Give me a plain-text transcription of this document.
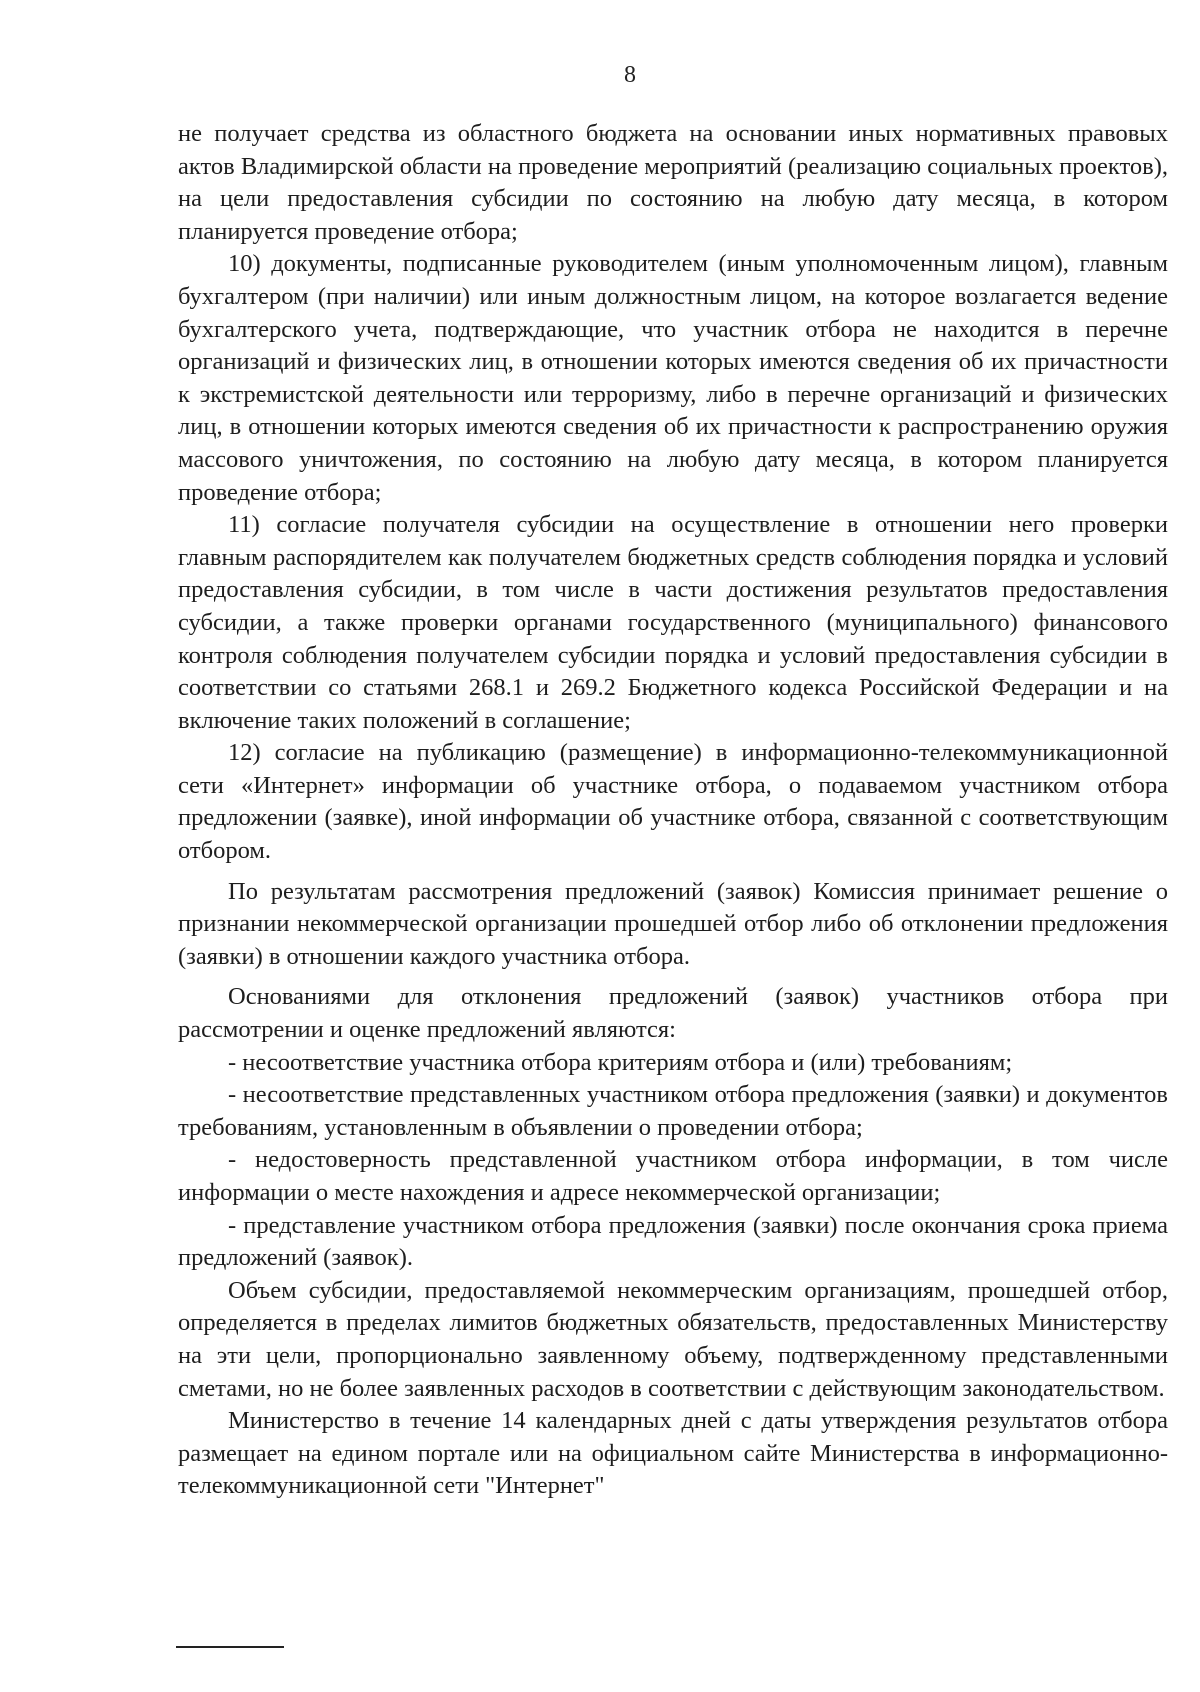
8

не получает средства из областного бюджета на основании иных нормативных правовых актов Владимирской области на проведение мероприятий (реализацию социальных проектов), на цели предоставления субсидии по состоянию на любую дату месяца, в котором планируется проведение отбора;

10) документы, подписанные руководителем (иным уполномоченным лицом), главным бухгалтером (при наличии) или иным должностным лицом, на которое возлагается ведение бухгалтерского учета, подтверждающие, что участник отбора не находится в перечне организаций и физических лиц, в отношении которых имеются сведения об их причастности к экстремистской деятельности или терроризму, либо в перечне организаций и физических лиц, в отношении которых имеются сведения об их причастности к распространению оружия массового уничтожения, по состоянию на любую дату месяца, в котором планируется проведение отбора;

11) согласие получателя субсидии на осуществление в отношении него проверки главным распорядителем как получателем бюджетных средств соблюдения порядка и условий предоставления субсидии, в том числе в части достижения результатов предоставления субсидии, а также проверки органами государственного (муниципального) финансового контроля соблюдения получателем субсидии порядка и условий предоставления субсидии в соответствии со статьями 268.1 и 269.2 Бюджетного кодекса Российской Федерации и на включение таких положений в соглашение;

12) согласие на публикацию (размещение) в информационно-телекоммуникационной сети «Интернет» информации об участнике отбора, о подаваемом участником отбора предложении (заявке), иной информации об участнике отбора, связанной с соответствующим отбором.

По результатам рассмотрения предложений (заявок) Комиссия принимает решение о признании некоммерческой организации прошедшей отбор либо об отклонении предложения (заявки) в отношении каждого участника отбора.

Основаниями для отклонения предложений (заявок) участников отбора при рассмотрении и оценке предложений являются:

- несоответствие участника отбора критериям отбора и (или) требованиям;

- несоответствие представленных участником отбора предложения (заявки) и документов требованиям, установленным в объявлении о проведении отбора;

- недостоверность представленной участником отбора информации, в том числе информации о месте нахождения и адресе некоммерческой организации;

- представление участником отбора предложения (заявки) после окончания срока приема предложений (заявок).

Объем субсидии, предоставляемой некоммерческим организациям, прошедшей отбор, определяется в пределах лимитов бюджетных обязательств, предоставленных Министерству на эти цели, пропорционально заявленному объему, подтвержденному представленными сметами, но не более заявленных расходов в соответствии с действующим законодательством.

Министерство в течение 14 календарных дней с даты утверждения результатов отбора размещает на едином портале или на официальном сайте Министерства в информационно-телекоммуникационной сети "Интернет"
